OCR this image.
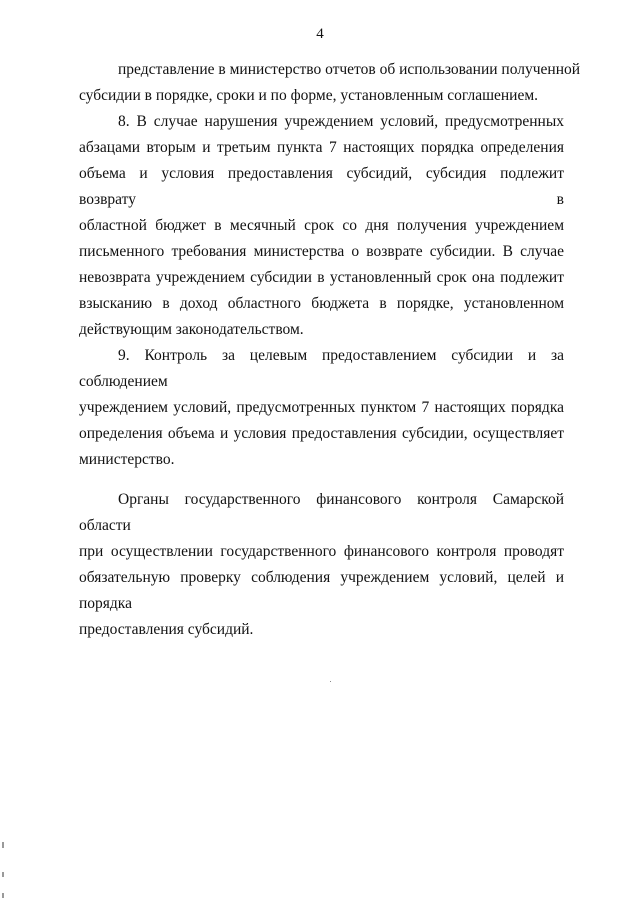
4
представление в министерство отчетов об использовании полученной
субсидии в порядке, сроки и по форме, установленным соглашением.
8. В случае нарушения учреждением условий, предусмотренных
абзацами вторым и третьим пункта 7 настоящих порядка определения
объема и условия предоставления субсидий, субсидия подлежит возврату в
областной бюджет в месячный срок со дня получения учреждением
письменного требования министерства о возврате субсидии. В случае
невозврата учреждением субсидии в установленный срок она подлежит
взысканию в доход областного бюджета в порядке, установленном
действующим законодательством.
9. Контроль за целевым предоставлением субсидии и за соблюдением
учреждением условий, предусмотренных пунктом 7 настоящих порядка
определения объема и условия предоставления субсидии, осуществляет
министерство.
Органы государственного финансового контроля Самарской области
при осуществлении государственного финансового контроля проводят
обязательную проверку соблюдения учреждением условий, целей и порядка
предоставления субсидий.
